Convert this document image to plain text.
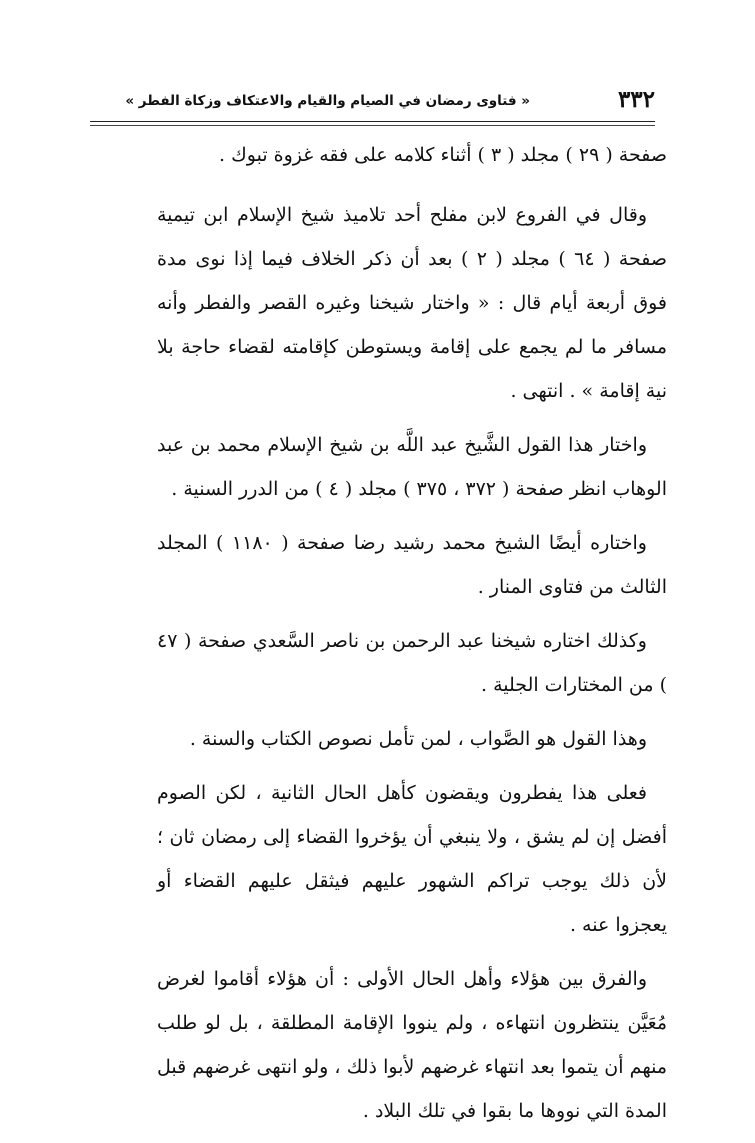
٣٣٢
« فتاوى رمضان في الصيام والقيام والاعتكاف وزكاة الفطر »

صفحة ( ٢٩ ) مجلد ( ٣ ) أثناء كلامه على فقه غزوة تبوك .

وقال في الفروع لابن مفلح أحد تلاميذ شيخ الإسلام ابن تيمية صفحة ( ٦٤ ) مجلد ( ٢ ) بعد أن ذكر الخلاف فيما إذا نوى مدة فوق أربعة أيام قال : « واختار شيخنا وغيره القصر والفطر وأنه مسافر ما لم يجمع على إقامة ويستوطن كإقامته لقضاء حاجة بلا نية إقامة » . انتهى .

واختار هذا القول الشَّيخ عبد اللَّه بن شيخ الإسلام محمد بن عبد الوهاب انظر صفحة ( ٣٧٢ ، ٣٧٥ ) مجلد ( ٤ ) من الدرر السنية .

واختاره أيضًا الشيخ محمد رشيد رضا صفحة ( ١١٨٠ ) المجلد الثالث من فتاوى المنار .

وكذلك اختاره شيخنا عبد الرحمن بن ناصر السَّعدي صفحة ( ٤٧ ) من المختارات الجلية .

وهذا القول هو الصَّواب ، لمن تأمل نصوص الكتاب والسنة .

فعلى هذا يفطرون ويقضون كأهل الحال الثانية ، لكن الصوم أفضل إن لم يشق ، ولا ينبغي أن يؤخروا القضاء إلى رمضان ثان ؛ لأن ذلك يوجب تراكم الشهور عليهم فيثقل عليهم القضاء أو يعجزوا عنه .

والفرق بين هؤلاء وأهل الحال الأولى : أن هؤلاء أقاموا لغرض مُعَيَّن ينتظرون انتهاءه ، ولم ينووا الإقامة المطلقة ، بل لو طلب منهم أن يتموا بعد انتهاء غرضهم لأبوا ذلك ، ولو انتهى غرضهم قبل المدة التي نووها ما بقوا في تلك البلاد .
